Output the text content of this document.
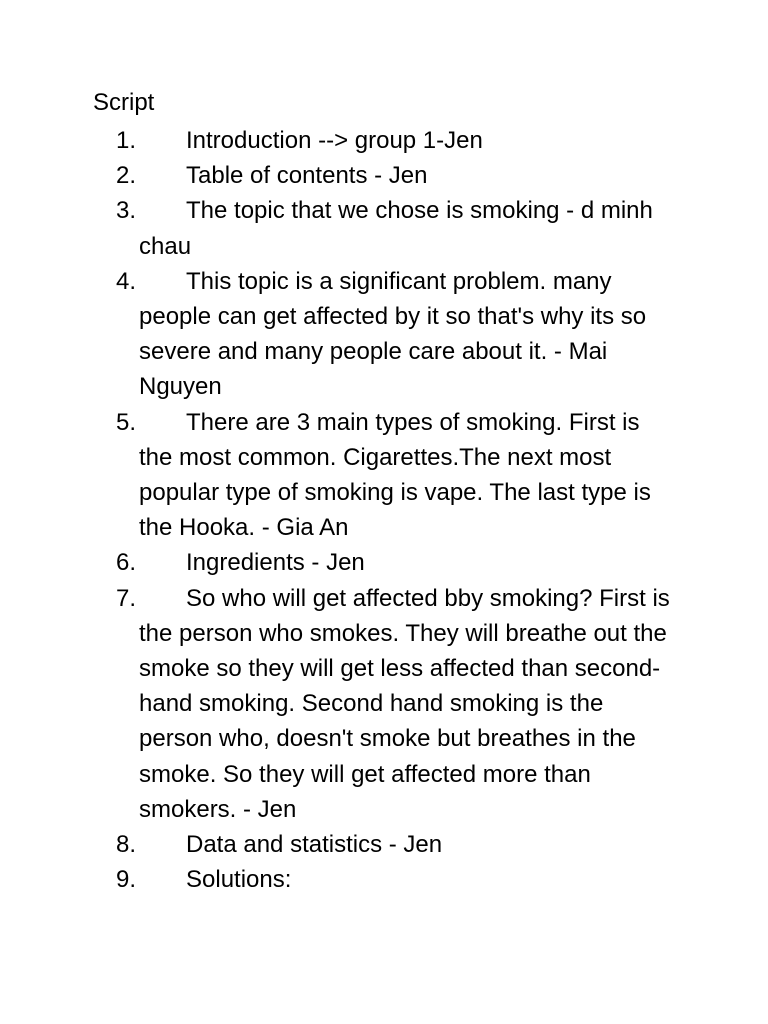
Script
1.	Introduction --> group 1-Jen
2.	Table of contents - Jen
3.	The topic that we chose is smoking - d minh chau
4.	This topic is a significant problem. many people can get affected by it so that's why its so severe and many people care about it. - Mai Nguyen
5.	There are 3 main types of smoking. First is the most common. Cigarettes.The next most popular type of smoking is vape. The last type is the Hooka. - Gia An
6.	Ingredients - Jen
7.	So who will get affected bby smoking? First is the person who smokes. They will breathe out the smoke so they will get less affected than second-hand smoking. Second hand smoking is the person who, doesn't smoke but breathes in the smoke. So they will get affected more than smokers. - Jen
8.	Data and statistics - Jen
9.	Solutions:
